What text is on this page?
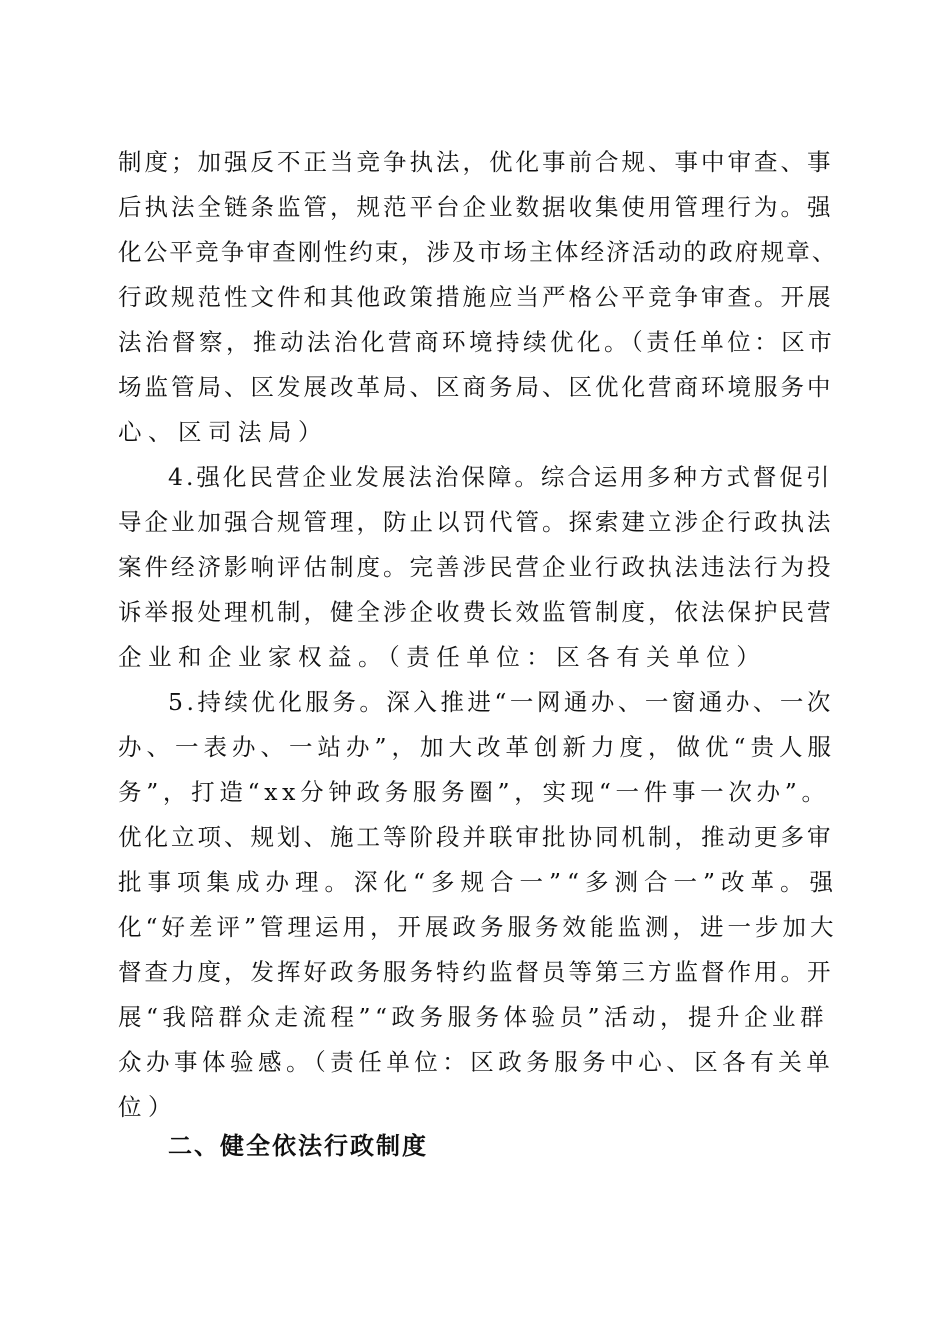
制度；加强反不正当竞争执法，优化事前合规、事中审查、事
后执法全链条监管，规范平台企业数据收集使用管理行为。强
化公平竞争审查刚性约束，涉及市场主体经济活动的政府规章、
行政规范性文件和其他政策措施应当严格公平竞争审查。开展
法治督察，推动法治化营商环境持续优化。（责任单位：区市
场监管局、区发展改革局、区商务局、区优化营商环境服务中
心、区司法局）
4.强化民营企业发展法治保障。综合运用多种方式督促引
导企业加强合规管理，防止以罚代管。探索建立涉企行政执法
案件经济影响评估制度。完善涉民营企业行政执法违法行为投
诉举报处理机制，健全涉企收费长效监管制度，依法保护民营
企业和企业家权益。（责任单位：区各有关单位）
5.持续优化服务。深入推进“一网通办、一窗通办、一次
办、一表办、一站办”，加大改革创新力度，做优“贵人服
务”，打造“xx分钟政务服务圈”，实现“一件事一次办”。
优化立项、规划、施工等阶段并联审批协同机制，推动更多审
批事项集成办理。深化“多规合一”“多测合一”改革。强
化“好差评”管理运用，开展政务服务效能监测，进一步加大
督查力度，发挥好政务服务特约监督员等第三方监督作用。开
展“我陪群众走流程”“政务服务体验员”活动，提升企业群
众办事体验感。（责任单位：区政务服务中心、区各有关单
位）
二、健全依法行政制度
